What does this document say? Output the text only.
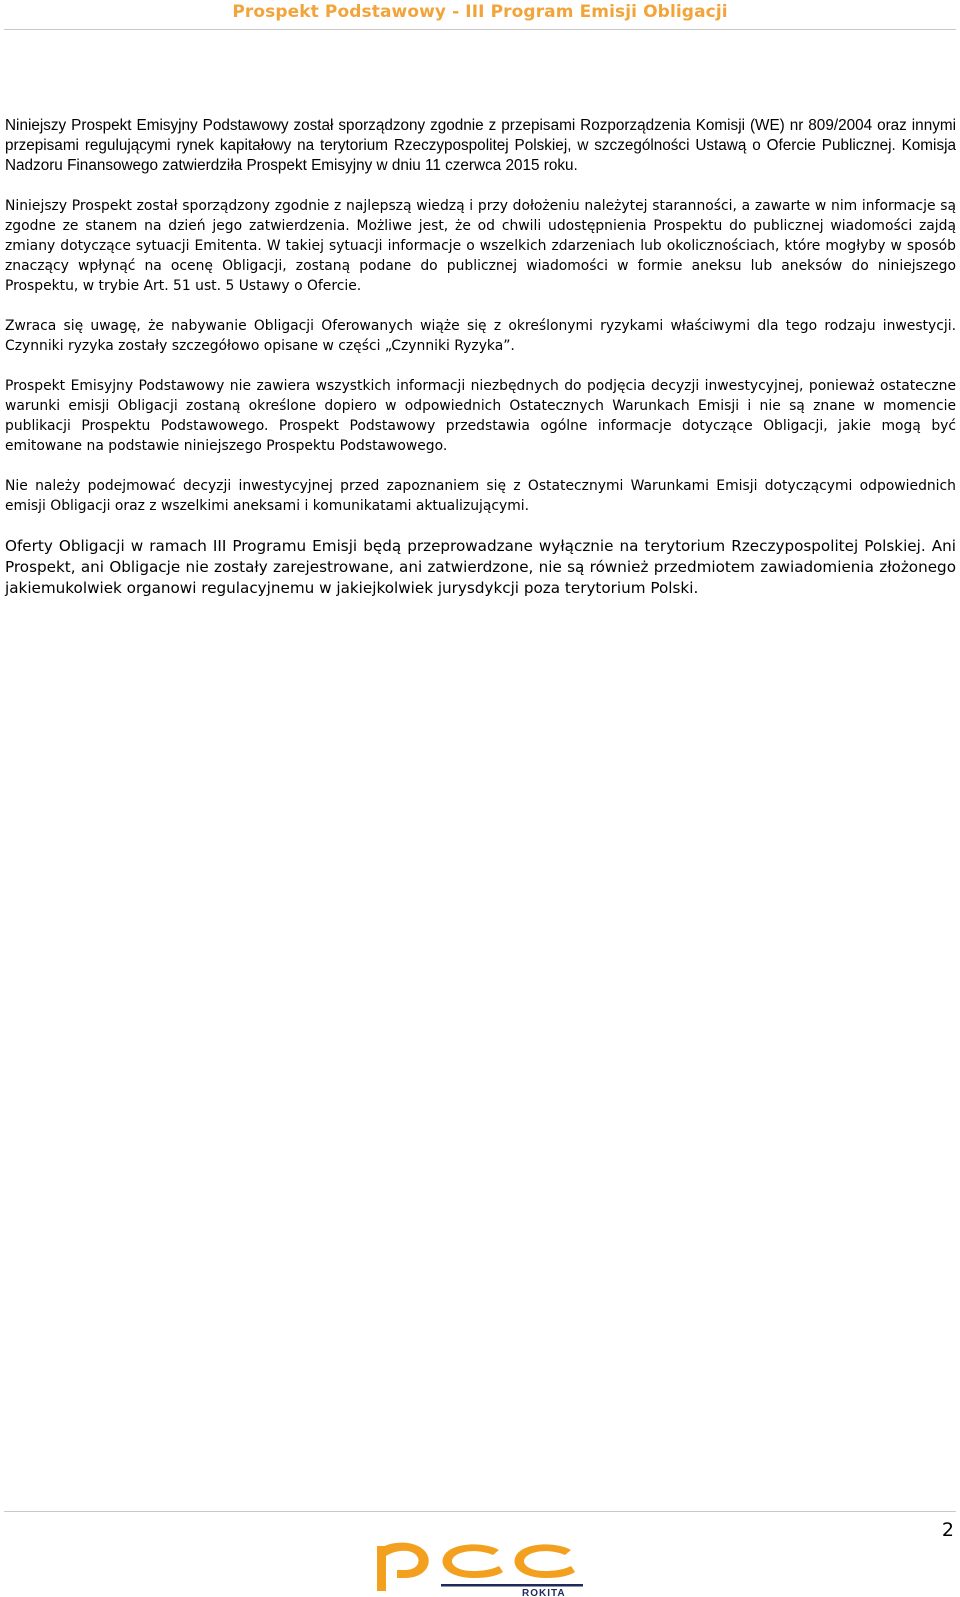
Prospekt Podstawowy - III Program Emisji Obligacji

Niniejszy Prospekt Emisyjny Podstawowy został sporządzony zgodnie z przepisami Rozporządzenia Komisji (WE) nr 809/2004 oraz innymi przepisami regulującymi rynek kapitałowy na terytorium Rzeczypospolitej Polskiej, w szczególności Ustawą o Ofercie Publicznej. Komisja Nadzoru Finansowego zatwierdziła Prospekt Emisyjny w dniu 11 czerwca 2015 roku.

Niniejszy Prospekt został sporządzony zgodnie z najlepszą wiedzą i przy dołożeniu należytej staranności, a zawarte w nim informacje są zgodne ze stanem na dzień jego zatwierdzenia. Możliwe jest, że od chwili udostępnienia Prospektu do publicznej wiadomości zajdą zmiany dotyczące sytuacji Emitenta. W takiej sytuacji informacje o wszelkich zdarzeniach lub okolicznościach, które mogłyby w sposób znaczący wpłynąć na ocenę Obligacji, zostaną podane do publicznej wiadomości w formie aneksu lub aneksów do niniejszego Prospektu, w trybie Art. 51 ust. 5 Ustawy o Ofercie.

Zwraca się uwagę, że nabywanie Obligacji Oferowanych wiąże się z określonymi ryzykami właściwymi dla tego rodzaju inwestycji. Czynniki ryzyka zostały szczegółowo opisane w części „Czynniki Ryzyka”.

Prospekt Emisyjny Podstawowy nie zawiera wszystkich informacji niezbędnych do podjęcia decyzji inwestycyjnej, ponieważ ostateczne warunki emisji Obligacji zostaną określone dopiero w odpowiednich Ostatecznych Warunkach Emisji i nie są znane w momencie publikacji Prospektu Podstawowego. Prospekt Podstawowy przedstawia ogólne informacje dotyczące Obligacji, jakie mogą być emitowane na podstawie niniejszego Prospektu Podstawowego.

Nie należy podejmować decyzji inwestycyjnej przed zapoznaniem się z Ostatecznymi Warunkami Emisji dotyczącymi odpowiednich emisji Obligacji oraz z wszelkimi aneksami i komunikatami aktualizującymi.

Oferty Obligacji w ramach III Programu Emisji będą przeprowadzane wyłącznie na terytorium Rzeczypospolitej Polskiej. Ani Prospekt, ani Obligacje nie zostały zarejestrowane, ani zatwierdzone, nie są również przedmiotem zawiadomienia złożonego jakiemukolwiek organowi regulacyjnemu w jakiejkolwiek jurysdykcji poza terytorium Polski.

2
ROKITA
